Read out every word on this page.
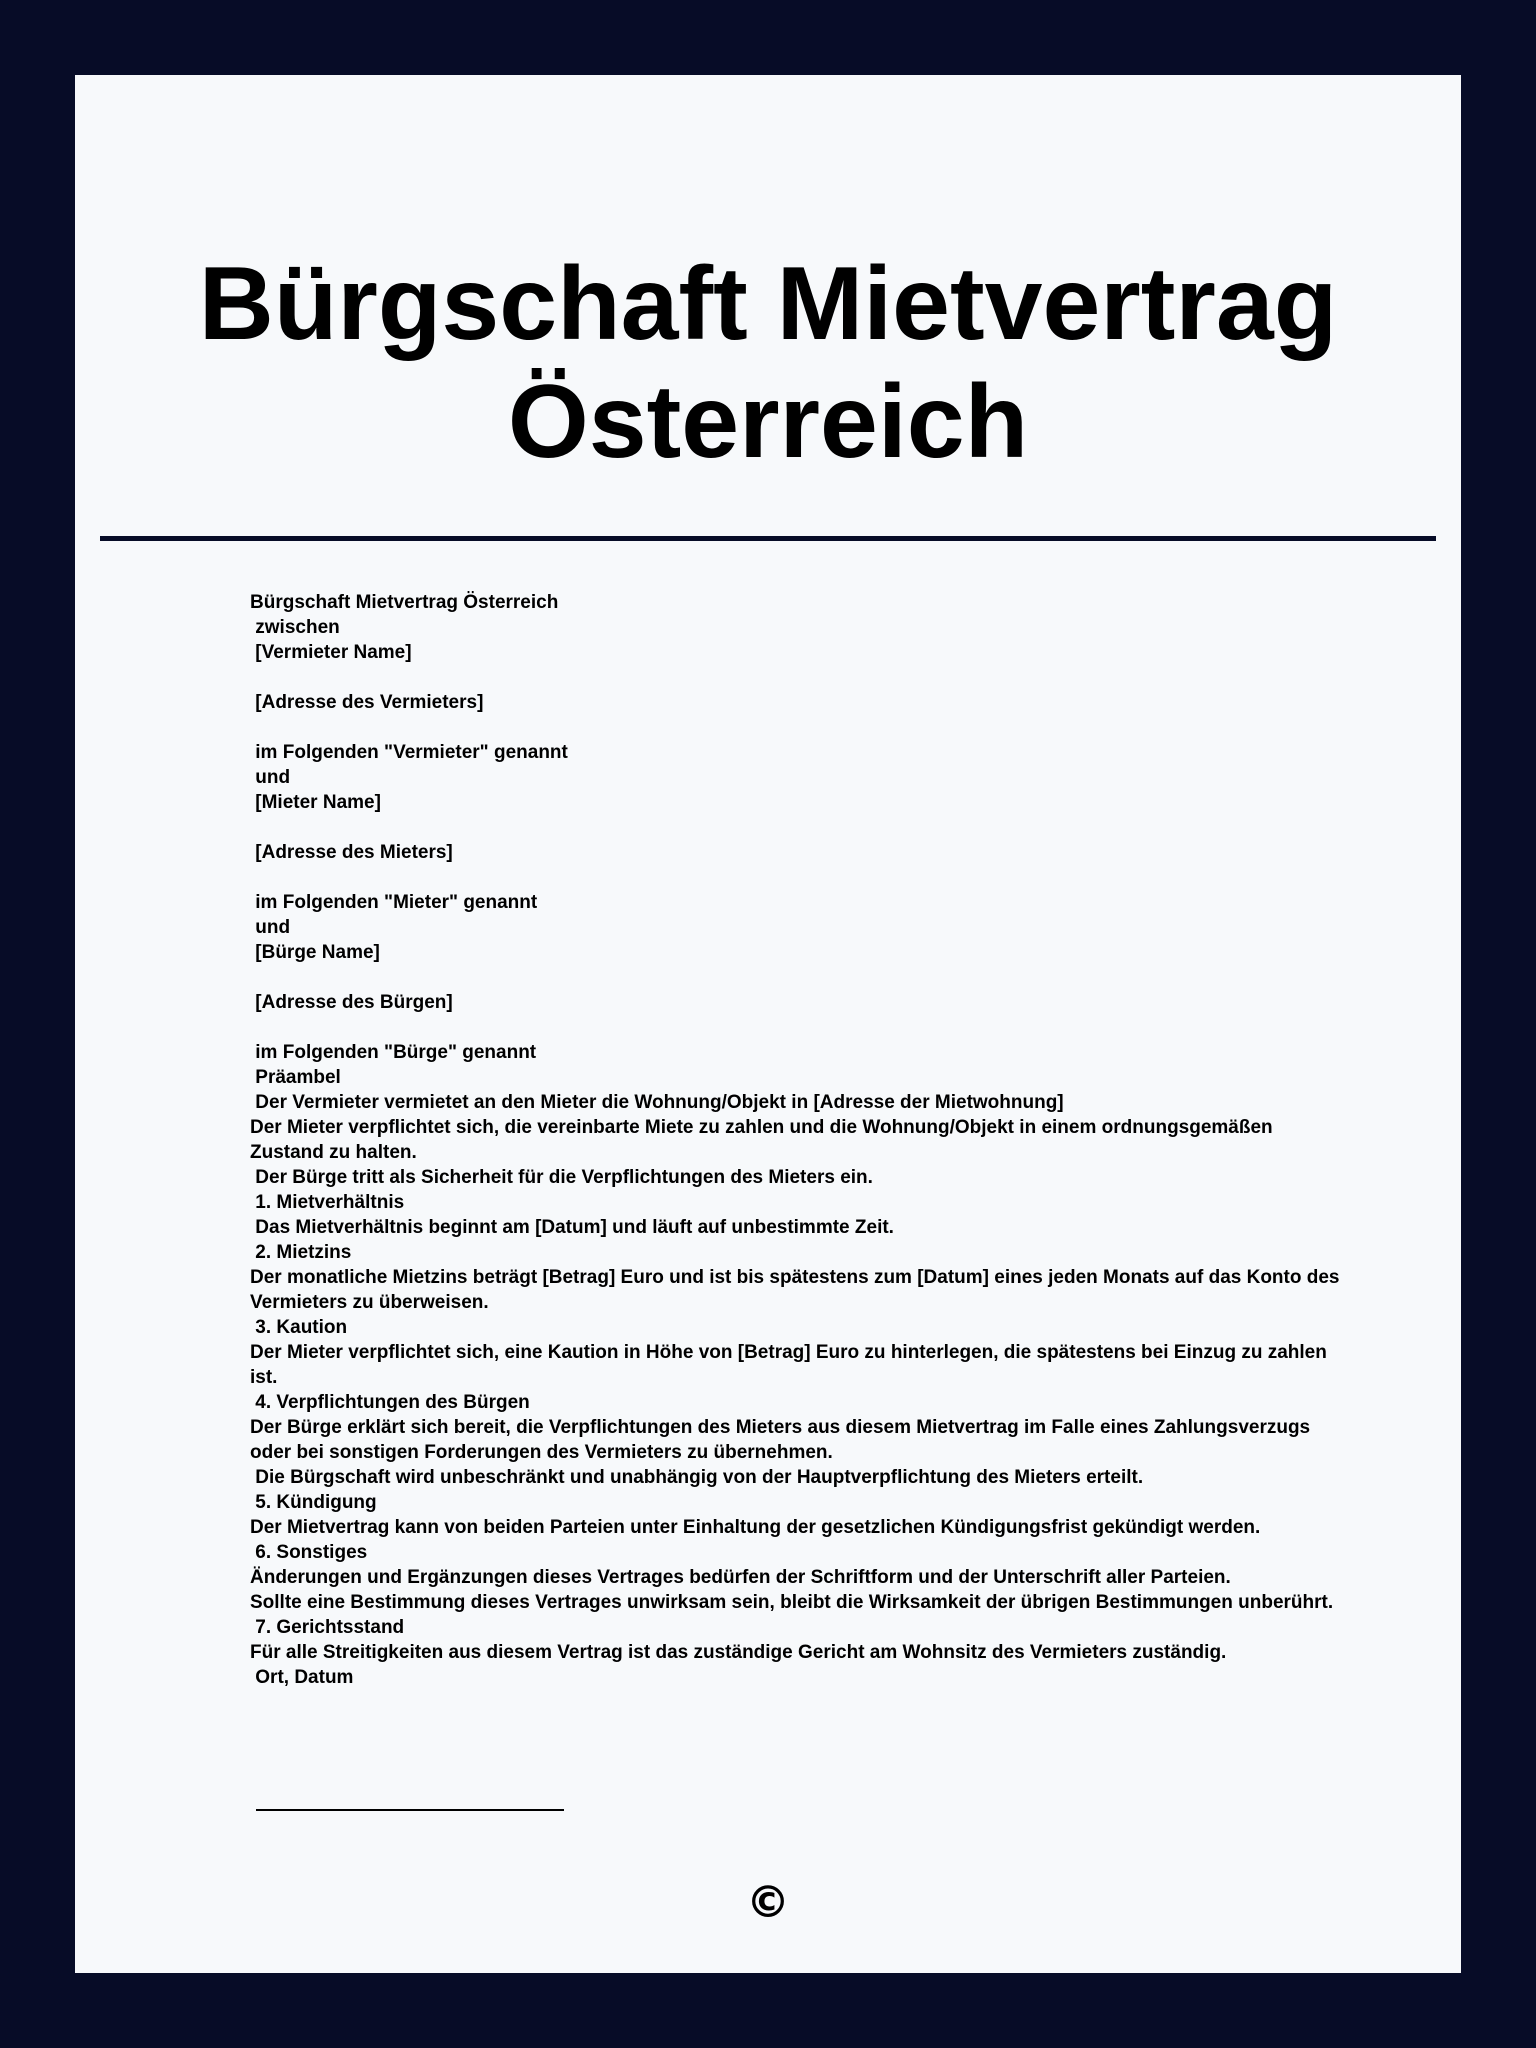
Bürgschaft Mietvertrag Österreich
Bürgschaft Mietvertrag Österreich
zwischen
[Vermieter Name]

[Adresse des Vermieters]

im Folgenden "Vermieter" genannt
und
[Mieter Name]

[Adresse des Mieters]

im Folgenden "Mieter" genannt
und
[Bürge Name]

[Adresse des Bürgen]

im Folgenden "Bürge" genannt
Präambel
Der Vermieter vermietet an den Mieter die Wohnung/Objekt in [Adresse der Mietwohnung]
Der Mieter verpflichtet sich, die vereinbarte Miete zu zahlen und die Wohnung/Objekt in einem ordnungsgemäßen Zustand zu halten.
Der Bürge tritt als Sicherheit für die Verpflichtungen des Mieters ein.
1. Mietverhältnis
Das Mietverhältnis beginnt am [Datum] und läuft auf unbestimmte Zeit.
2. Mietzins
Der monatliche Mietzins beträgt [Betrag] Euro und ist bis spätestens zum [Datum] eines jeden Monats auf das Konto des Vermieters zu überweisen.
3. Kaution
Der Mieter verpflichtet sich, eine Kaution in Höhe von [Betrag] Euro zu hinterlegen, die spätestens bei Einzug zu zahlen ist.
4. Verpflichtungen des Bürgen
Der Bürge erklärt sich bereit, die Verpflichtungen des Mieters aus diesem Mietvertrag im Falle eines Zahlungsverzugs oder bei sonstigen Forderungen des Vermieters zu übernehmen.
Die Bürgschaft wird unbeschränkt und unabhängig von der Hauptverpflichtung des Mieters erteilt.
5. Kündigung
Der Mietvertrag kann von beiden Parteien unter Einhaltung der gesetzlichen Kündigungsfrist gekündigt werden.
6. Sonstiges
Änderungen und Ergänzungen dieses Vertrages bedürfen der Schriftform und der Unterschrift aller Parteien.
Sollte eine Bestimmung dieses Vertrages unwirksam sein, bleibt die Wirksamkeit der übrigen Bestimmungen unberührt.
7. Gerichtsstand
Für alle Streitigkeiten aus diesem Vertrag ist das zuständige Gericht am Wohnsitz des Vermieters zuständig.
Ort, Datum
©
